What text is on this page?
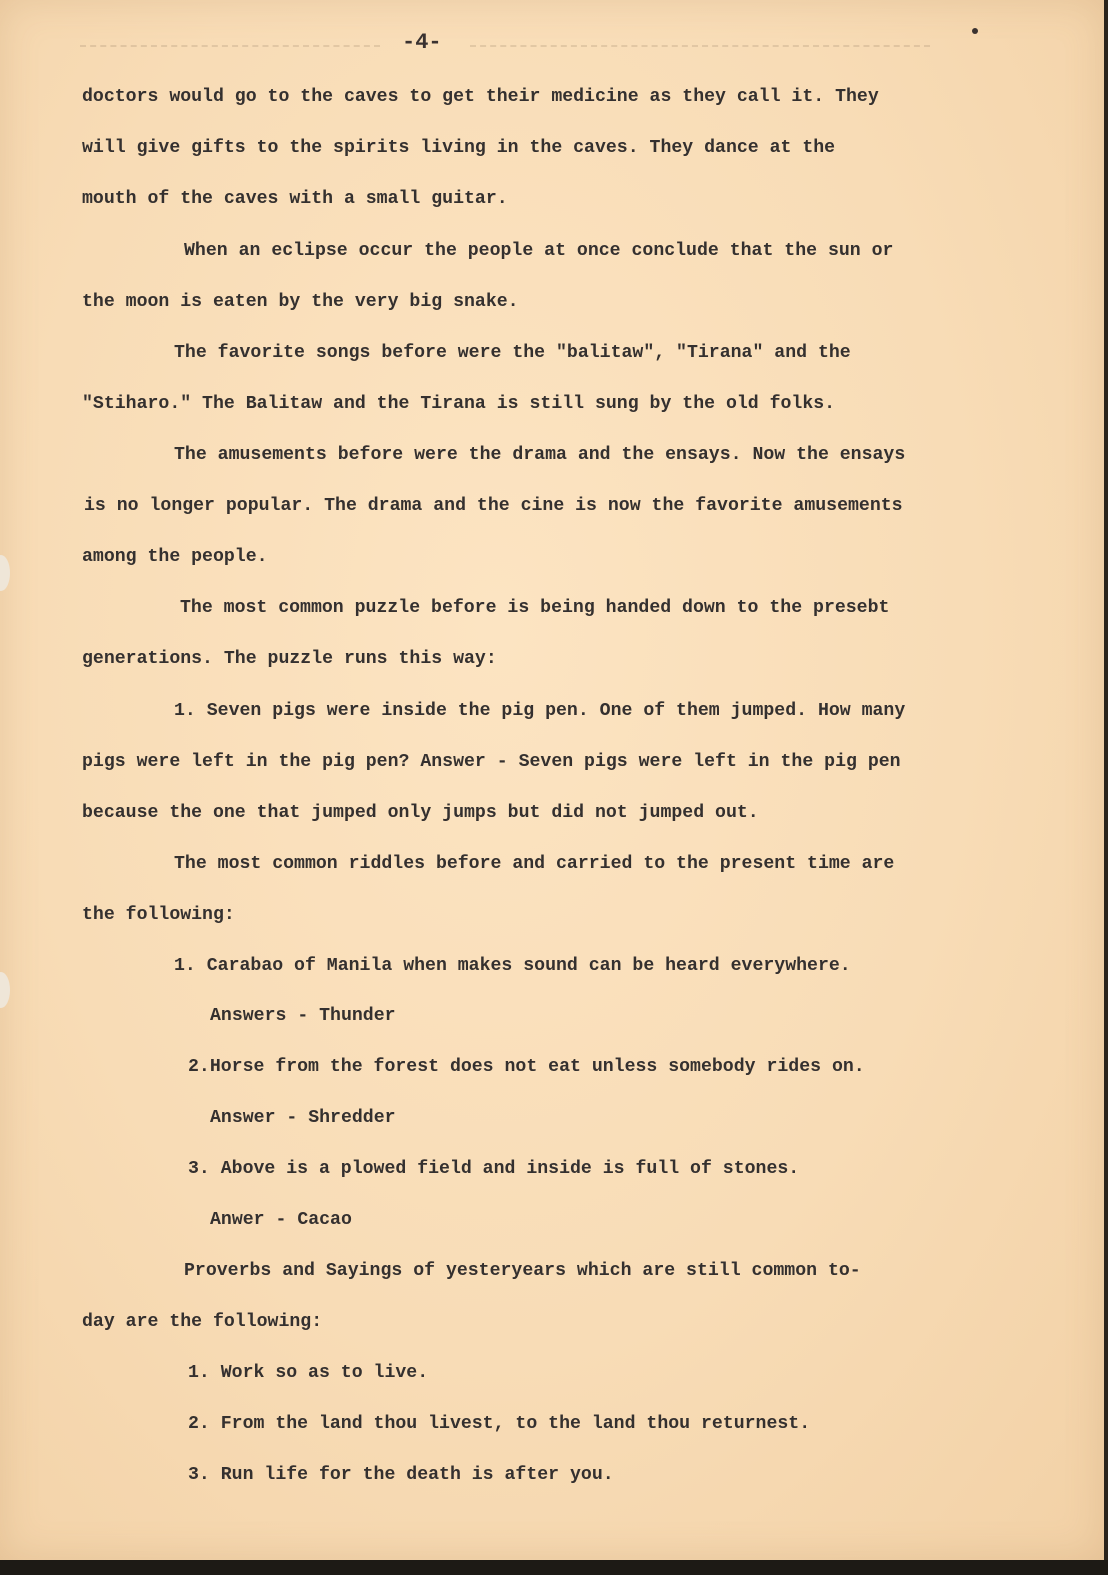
-4-
doctors would go to the caves to get their medicine as they call it. They
will give gifts to the spirits living in the caves. They dance at the
mouth of the caves with a small guitar.
When an eclipse occur the people at once conclude that the sun or
the moon is eaten by the very big snake.
The favorite songs before were the "balitaw", "Tirana" and the
"Stiharo." The Balitaw and the Tirana is still sung by the old folks.
The amusements before were the drama and the ensays. Now the ensays
is no longer popular. The drama and the cine is now the favorite amusements
among the people.
The most common puzzle before is being handed down to the presebt
generations. The puzzle runs this way:
1. Seven pigs were inside the pig pen. One of them jumped. How many
pigs were left in the pig pen? Answer - Seven pigs were left in the pig pen
because the one that jumped only jumps but did not jumped out.
The most common riddles before and carried to the present time are
the following:
1. Carabao of Manila when makes sound can be heard everywhere.
Answers - Thunder
2.Horse from the forest does not eat unless somebody rides on.
Answer - Shredder
3. Above is a plowed field and inside is full of stones.
Anwer - Cacao
Proverbs and Sayings of yesteryears which are still common to-
day are the following:
1. Work so as to live.
2. From the land thou livest, to the land thou returnest.
3. Run life for the death is after you.
